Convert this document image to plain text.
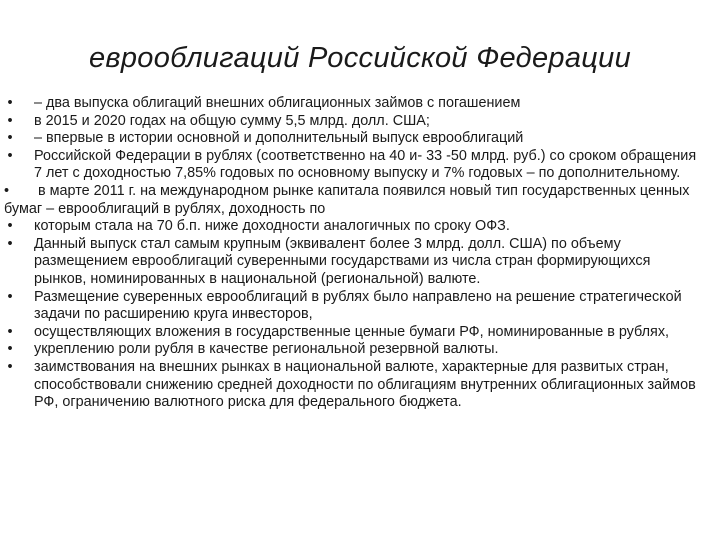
еврооблигаций Российской Федерации
• – два выпуска облигаций внешних облигационных займов с погашением
• в 2015 и 2020 годах на общую сумму 5,5 млрд. долл. США;
• – впервые в истории основной и дополнительный выпуск еврооблигаций
• Российской Федерации в рублях (соответственно на 40 и- 33 -50 млрд. руб.) со сроком обращения 7 лет с доходностью 7,85% годовых по основному выпуску и 7% годовых – по дополнительному.
• в марте 2011 г. на международном рынке капитала появился новый тип государственных ценных бумаг – еврооблигаций в рублях, доходность по
• которым стала на 70 б.п. ниже доходности аналогичных по сроку ОФЗ.
• Данный выпуск стал самым крупным (эквивалент более 3 млрд. долл. США) по объему размещением еврооблигаций суверенными государствами из числа стран формирующихся рынков, номинированных в национальной (региональной) валюте.
• Размещение суверенных еврооблигаций в рублях было направлено на решение стратегической задачи по расширению круга инвесторов,
• осуществляющих вложения в государственные ценные бумаги РФ, номинированные в рублях,
• укреплению роли рубля в качестве региональной резервной валюты.
• заимствования на внешних рынках в национальной валюте, характерные для развитых стран, способствовали снижению средней доходности по облигациям внутренних облигационных займов РФ, ограничению валютного риска для федерального бюджета.
